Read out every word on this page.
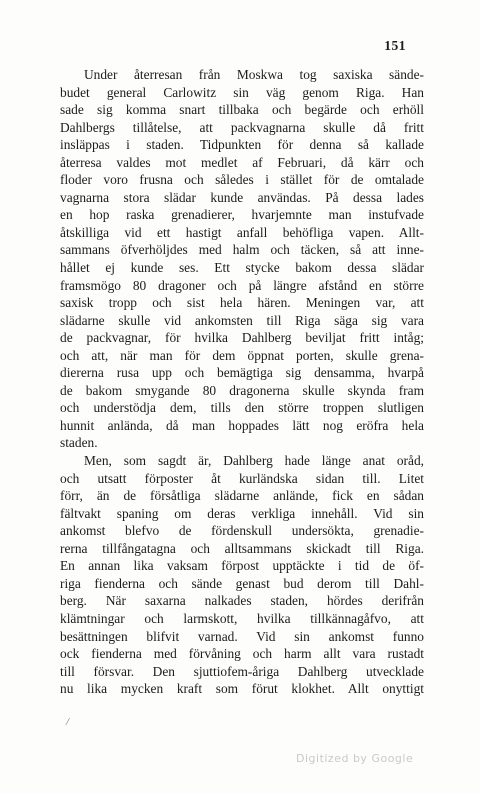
151
Under återresan från Moskwa tog saxiska sände-
budet general Carlowitz sin väg genom Riga. Han
sade sig komma snart tillbaka och begärde och erhöll
Dahlbergs tillåtelse, att packvagnarna skulle då fritt
insläppas i staden. Tidpunkten för denna så kallade
återresa valdes mot medlet af Februari, då kärr och
floder voro frusna och således i stället för de omtalade
vagnarna stora slädar kunde användas. På dessa lades
en hop raska grenadierer, hvarjemnte man instufvade
åtskilliga vid ett hastigt anfall behöfliga vapen. Allt-
sammans öfverhöljdes med halm och täcken, så att inne-
hållet ej kunde ses. Ett stycke bakom dessa slädar
framsmögo 80 dragoner och på längre afstånd en större
saxisk tropp och sist hela hären. Meningen var, att
slädarne skulle vid ankomsten till Riga säga sig vara
de packvagnar, för hvilka Dahlberg beviljat fritt intåg;
och att, när man för dem öppnat porten, skulle grena-
diererna rusa upp och bemägtiga sig densamma, hvarpå
de bakom smygande 80 dragonerna skulle skynda fram
och understödja dem, tills den större troppen slutligen
hunnit anlända, då man hoppades lätt nog eröfra hela
staden.
Men, som sagdt är, Dahlberg hade länge anat oråd,
och utsatt förposter åt kurländska sidan till. Litet
förr, än de försåtliga slädarne anlände, fick en sådan
fältvakt spaning om deras verkliga innehåll. Vid sin
ankomst blefvo de fördenskull undersökta, grenadie-
rerna tillfångatagna och alltsammans skickadt till Riga.
En annan lika vaksam förpost upptäckte i tid de öf-
riga fienderna och sände genast bud derom till Dahl-
berg. När saxarna nalkades staden, hördes derifrån
klämtningar och larmskott, hvilka tillkännagåfvo, att
besättningen blifvit varnad. Vid sin ankomst funno
ock fienderna med förvåning och harm allt vara rustadt
till försvar. Den sjuttiofem-åriga Dahlberg utvecklade
nu lika mycken kraft som förut klokhet. Allt onyttigt
/
Digitized by Google
